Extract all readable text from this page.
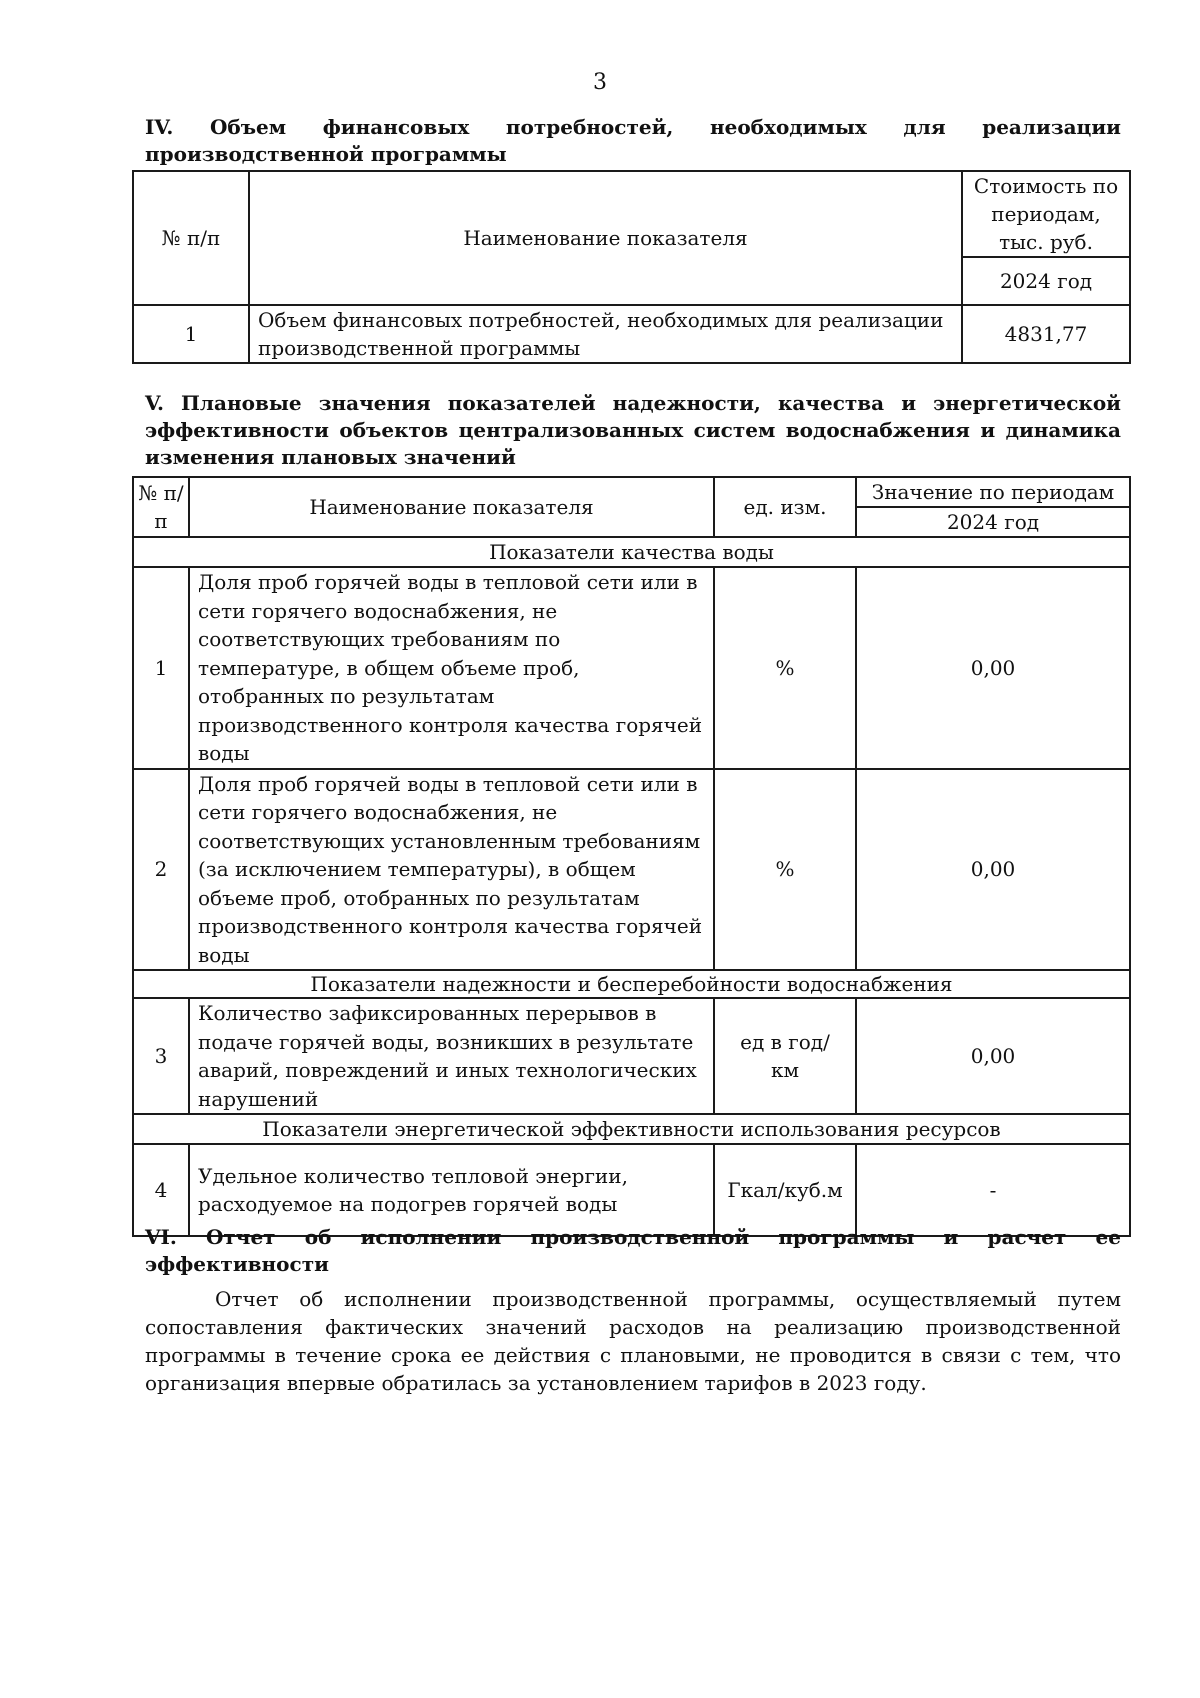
3
IV. Объем финансовых потребностей, необходимых для реализации производственной программы
№ п/п	Наименование показателя	Стоимость по периодам, тыс. руб.
		2024 год
1	Объем финансовых потребностей, необходимых для реализации производственной программы	4831,77
V. Плановые значения показателей надежности, качества и энергетической эффективности объектов централизованных систем водоснабжения и динамика изменения плановых значений
№ п/п	Наименование показателя	ед. изм.	Значение по периодам
			2024 год
Показатели качества воды			
1	Доля проб горячей воды в тепловой сети или в сети горячего водоснабжения, не соответствующих требованиям по температуре, в общем объеме проб, отобранных по результатам производственного контроля качества горячей воды	%	0,00
2	Доля проб горячей воды в тепловой сети или в сети горячего водоснабжения, не соответствующих установленным требованиям (за исключением температуры), в общем объеме проб, отобранных по результатам производственного контроля качества горячей воды	%	0,00
Показатели надежности и бесперебойности водоснабжения			
3	Количество зафиксированных перерывов в подаче горячей воды, возникших в результате аварий, повреждений и иных технологических нарушений	ед в год/ км	0,00
Показатели энергетической эффективности использования ресурсов			
4	Удельное количество тепловой энергии, расходуемое на подогрев горячей воды	Гкал/куб.м	-
VI. Отчет об исполнении производственной программы и расчет ее эффективности
Отчет об исполнении производственной программы, осуществляемый путем сопоставления фактических значений расходов на реализацию производственной программы в течение срока ее действия с плановыми, не проводится в связи с тем, что организация впервые обратилась за установлением тарифов в 2023 году.
